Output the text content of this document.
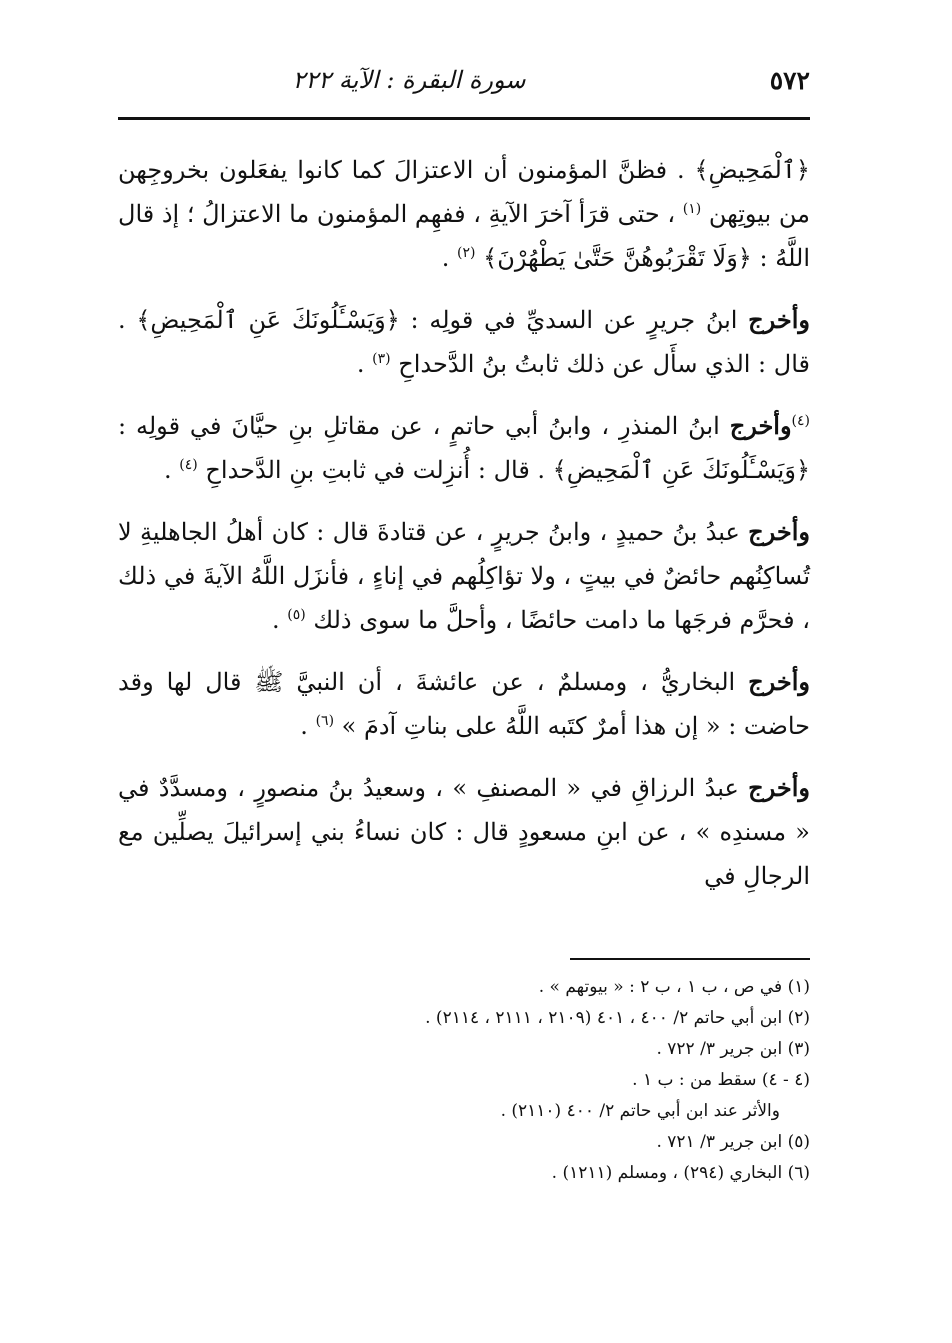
٥٧٢
سورة البقرة : الآية ٢٢٢

﴿ٱلْمَحِيضِ﴾ . فظنَّ المؤمنون أن الاعتزالَ كما كانوا يفعَلون بخروجِهن من بيوتِهن $^{(١)}$ ، حتى قرَأ آخرَ الآيةِ ، ففهِم المؤمنون ما الاعتزالُ ؛ إذ قال اللَّهُ : ﴿وَلَا تَقْرَبُوهُنَّ حَتَّىٰ يَطْهُرْنَ﴾ $^{(٢)}$ .

وأخرج ابنُ جريرٍ عن السديِّ في قولِه : ﴿وَيَسْـَٔلُونَكَ عَنِ ٱلْمَحِيضِ﴾ . قال : الذي سأَل عن ذلك ثابتُ بنُ الدَّحداحِ $^{(٣)}$ .

$^{(٤)}$وأخرج ابنُ المنذرِ ، وابنُ أبي حاتمٍ ، عن مقاتلِ بنِ حيَّانَ في قولِه : ﴿وَيَسْـَٔلُونَكَ عَنِ ٱلْمَحِيضِ﴾ . قال : أُنزِلت في ثابتِ بنِ الدَّحداحِ $^{(٤)}$ .

وأخرج عبدُ بنُ حميدٍ ، وابنُ جريرٍ ، عن قتادةَ قال : كان أهلُ الجاهليةِ لا تُساكِنُهم حائضٌ في بيتٍ ، ولا تؤاكِلُهم في إناءٍ ، فأنزَل اللَّهُ الآيةَ في ذلك ، فحرَّم فرجَها ما دامت حائضًا ، وأحلَّ ما سوى ذلك $^{(٥)}$ .

وأخرج البخاريُّ ، ومسلمٌ ، عن عائشةَ ، أن النبيَّ ﷺ قال لها وقد حاضت : « إن هذا أمرٌ كتَبه اللَّهُ على بناتِ آدمَ » $^{(٦)}$ .

وأخرج عبدُ الرزاقِ في « المصنفِ » ، وسعيدُ بنُ منصورٍ ، ومسدَّدٌ في « مسندِه » ، عن ابنِ مسعودٍ قال : كان نساءُ بني إسرائيلَ يصلِّين مع الرجالِ في

(١) في ص ، ب ١ ، ب ٢ : « بيوتهم » .

(٢) ابن أبي حاتم ٢/ ٤٠٠ ، ٤٠١ (٢١٠٩ ، ٢١١١ ، ٢١١٤) .

(٣) ابن جرير ٣/ ٧٢٢ .

(٤ - ٤) سقط من : ب ١ .

والأثر عند ابن أبي حاتم ٢/ ٤٠٠ (٢١١٠) .

(٥) ابن جرير ٣/ ٧٢١ .

(٦) البخاري (٢٩٤) ، ومسلم (١٢١١) .
